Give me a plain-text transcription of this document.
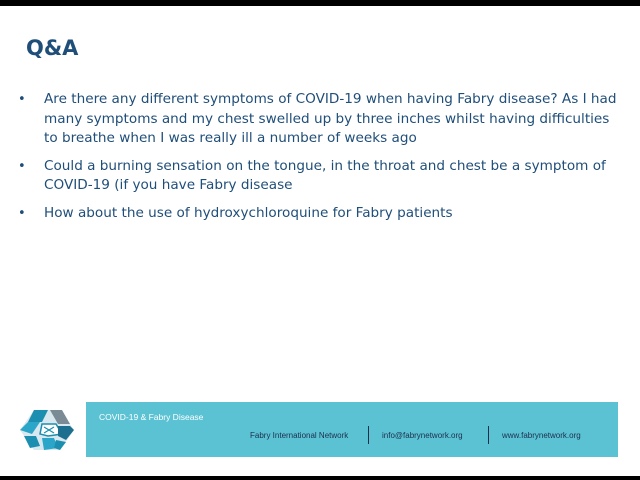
Q&A
•	Are there any different symptoms of COVID-19 when having Fabry disease? As I had many symptoms and my chest swelled up by three inches whilst having difficulties to breathe when I was really ill a number of weeks ago
•	Could a burning sensation on the tongue, in the throat and chest be a symptom of COVID-19 (if you have Fabry disease
•	How about the use of hydroxychloroquine for Fabry patients

COVID-19 & Fabry Disease

Fabry International Network	info@fabrynetwork.org	www.fabrynetwork.org
